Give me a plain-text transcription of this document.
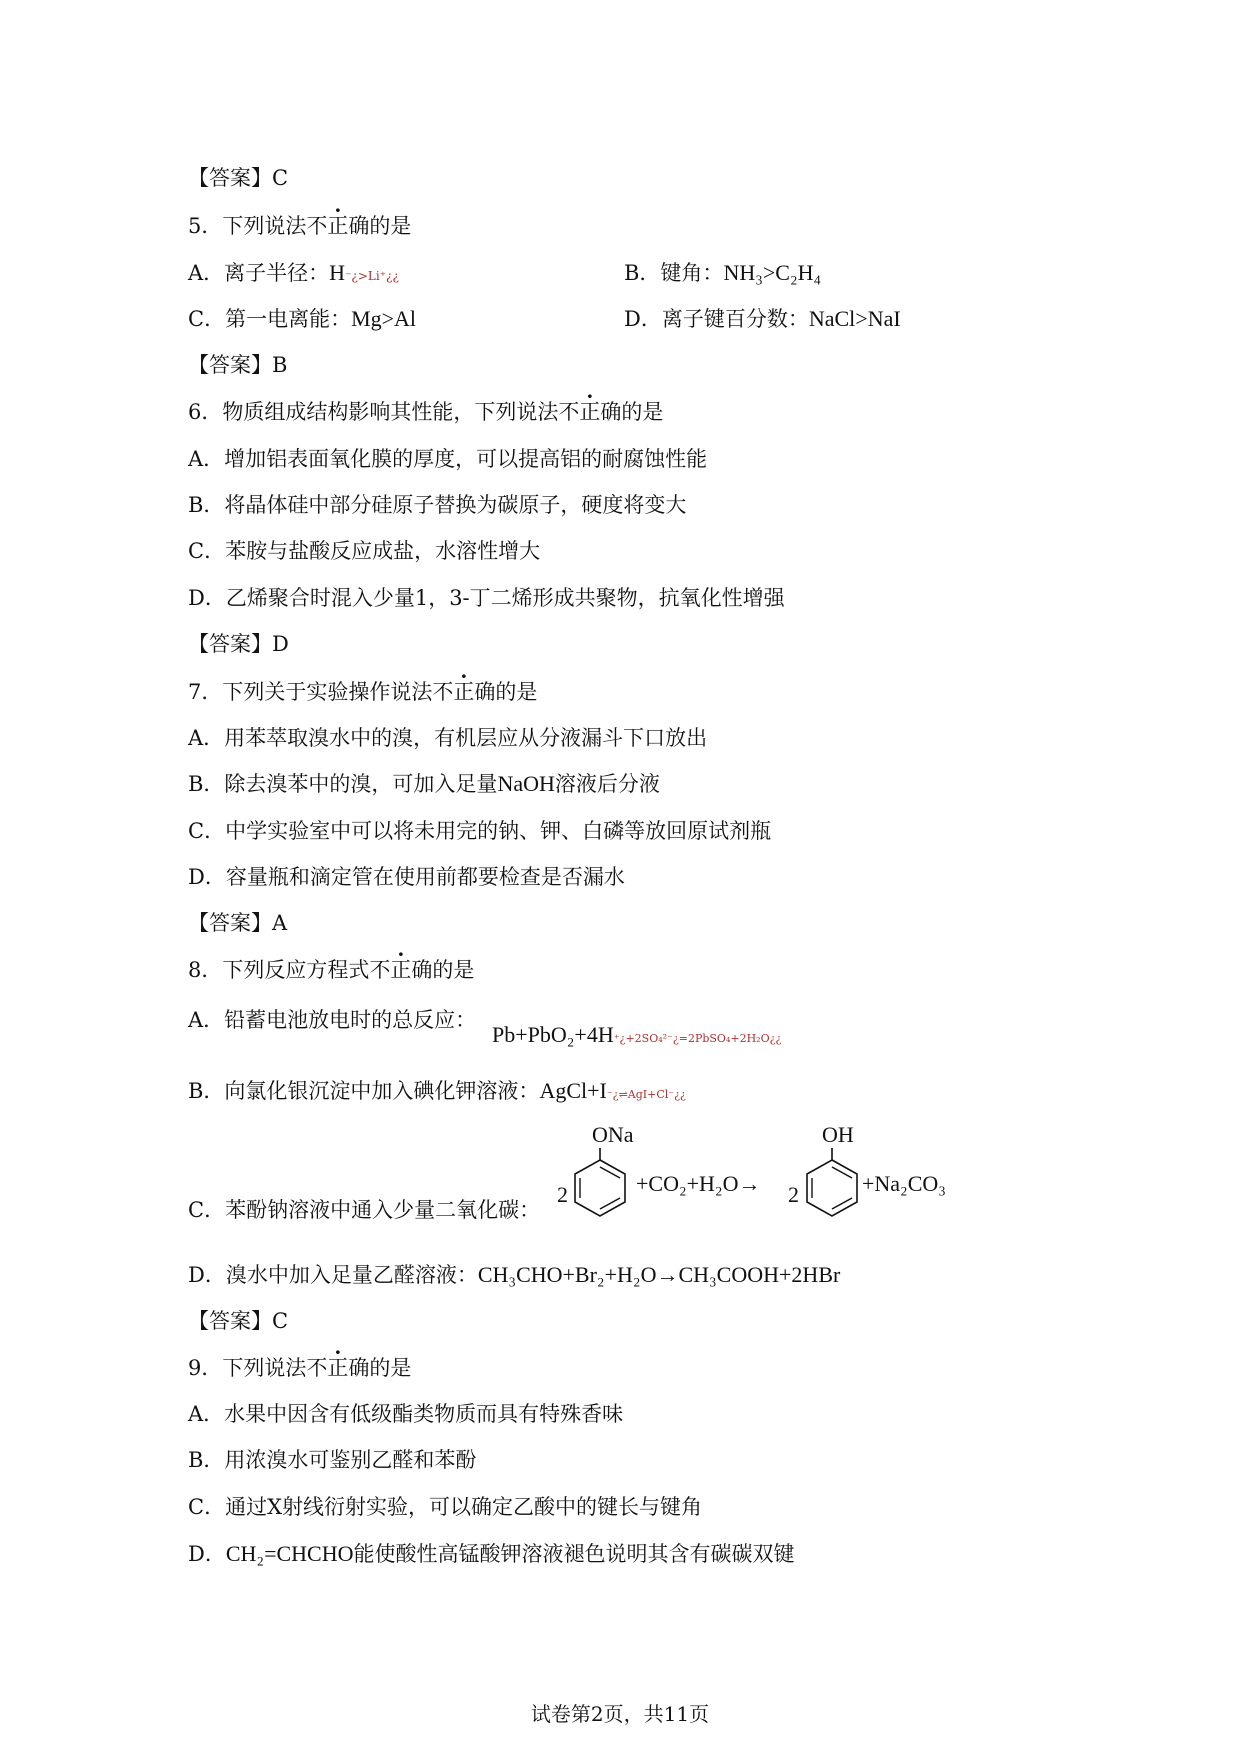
【答案】C
5．下列说法不正确的是
A．离子半径：H⁻¿>Li⁺¿¿	B．键角：NH₃>C₂H₄
C．第一电离能：Mg>Al	D．离子键百分数：NaCl>NaI
【答案】B
6．物质组成结构影响其性能，下列说法不正确的是
A．增加铝表面氧化膜的厚度，可以提高铝的耐腐蚀性能
B．将晶体硅中部分硅原子替换为碳原子，硬度将变大
C．苯胺与盐酸反应成盐，水溶性增大
D．乙烯聚合时混入少量1，3-丁二烯形成共聚物，抗氧化性增强
【答案】D
7．下列关于实验操作说法不正确的是
A．用苯萃取溴水中的溴，有机层应从分液漏斗下口放出
B．除去溴苯中的溴，可加入足量NaOH溶液后分液
C．中学实验室中可以将未用完的钠、钾、白磷等放回原试剂瓶
D．容量瓶和滴定管在使用前都要检查是否漏水
【答案】A
8．下列反应方程式不正确的是
A．铅蓄电池放电时的总反应：
Pb+PbO₂+4H⁺¿+2SO₄²⁻¿=2PbSO₄+2H₂O¿¿
B．向氯化银沉淀中加入碘化钾溶液：AgCl+I⁻¿⇌AgI+Cl⁻¿¿
C．苯酚钠溶液中通入少量二氧化碳：
ONa
2	+CO₂+H₂O→ 2
OH
+Na₂CO₃
D．溴水中加入足量乙醛溶液：CH₃CHO+Br₂+H₂O→CH₃COOH+2HBr
【答案】C
9．下列说法不正确的是
A．水果中因含有低级酯类物质而具有特殊香味
B．用浓溴水可鉴别乙醛和苯酚
C．通过X射线衍射实验，可以确定乙酸中的键长与键角
D．CH₂=CHCHO能使酸性高锰酸钾溶液褪色说明其含有碳碳双键
试卷第2页，共11页
